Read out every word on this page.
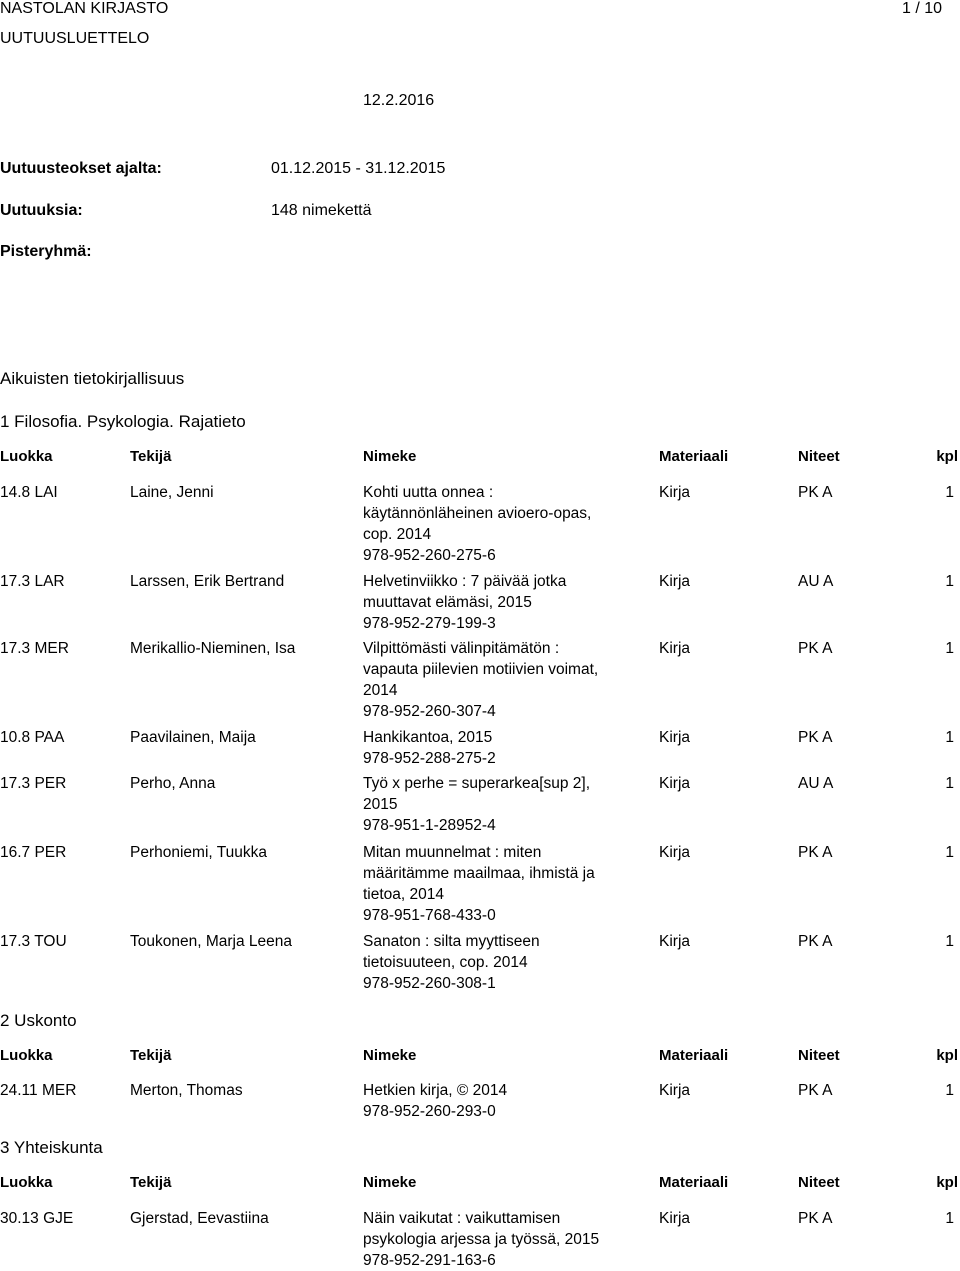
NASTOLAN KIRJASTO	1 / 10
UUTUUSLUETTELO
12.2.2016
Uutuusteokset ajalta:	01.12.2015 - 31.12.2015
Uutuuksia:	148 nimekettä
Pisteryhmä:
Aikuisten tietokirjallisuus
1 Filosofia. Psykologia. Rajatieto
Luokka	Tekijä	Nimeke	Materiaali	Niteet	kpl
14.8 LAI	Laine, Jenni	Kohti uutta onnea :
käytännönläheinen avioero-opas,
cop. 2014
978-952-260-275-6
Kirja	PK A	1
17.3 LAR	Larssen, Erik Bertrand	Helvetinviikko : 7 päivää jotka
muuttavat elämäsi, 2015
978-952-279-199-3
Kirja	AU A	1
17.3 MER	Merikallio-Nieminen, Isa	Vilpittömästi välinpitämätön :
vapauta piilevien motiivien voimat,
2014
978-952-260-307-4
Kirja	PK A	1
10.8 PAA	Paavilainen, Maija	Hankikantoa, 2015
978-952-288-275-2
Kirja	PK A	1
17.3 PER	Perho, Anna	Työ x perhe = superarkea[sup 2],
2015
978-951-1-28952-4
Kirja	AU A	1
16.7 PER	Perhoniemi, Tuukka	Mitan muunnelmat : miten
määritämme maailmaa, ihmistä ja
tietoa, 2014
978-951-768-433-0
Kirja	PK A	1
17.3 TOU	Toukonen, Marja Leena	Sanaton : silta myyttiseen
tietoisuuteen, cop. 2014
978-952-260-308-1
Kirja	PK A	1
2 Uskonto
Luokka	Tekijä	Nimeke	Materiaali	Niteet	kpl
24.11 MER	Merton, Thomas	Hetkien kirja, © 2014
978-952-260-293-0
Kirja	PK A	1
3 Yhteiskunta
Luokka	Tekijä	Nimeke	Materiaali	Niteet	kpl
30.13 GJE	Gjerstad, Eevastiina	Näin vaikutat : vaikuttamisen
psykologia arjessa ja työssä, 2015
978-952-291-163-6
Kirja	PK A	1
